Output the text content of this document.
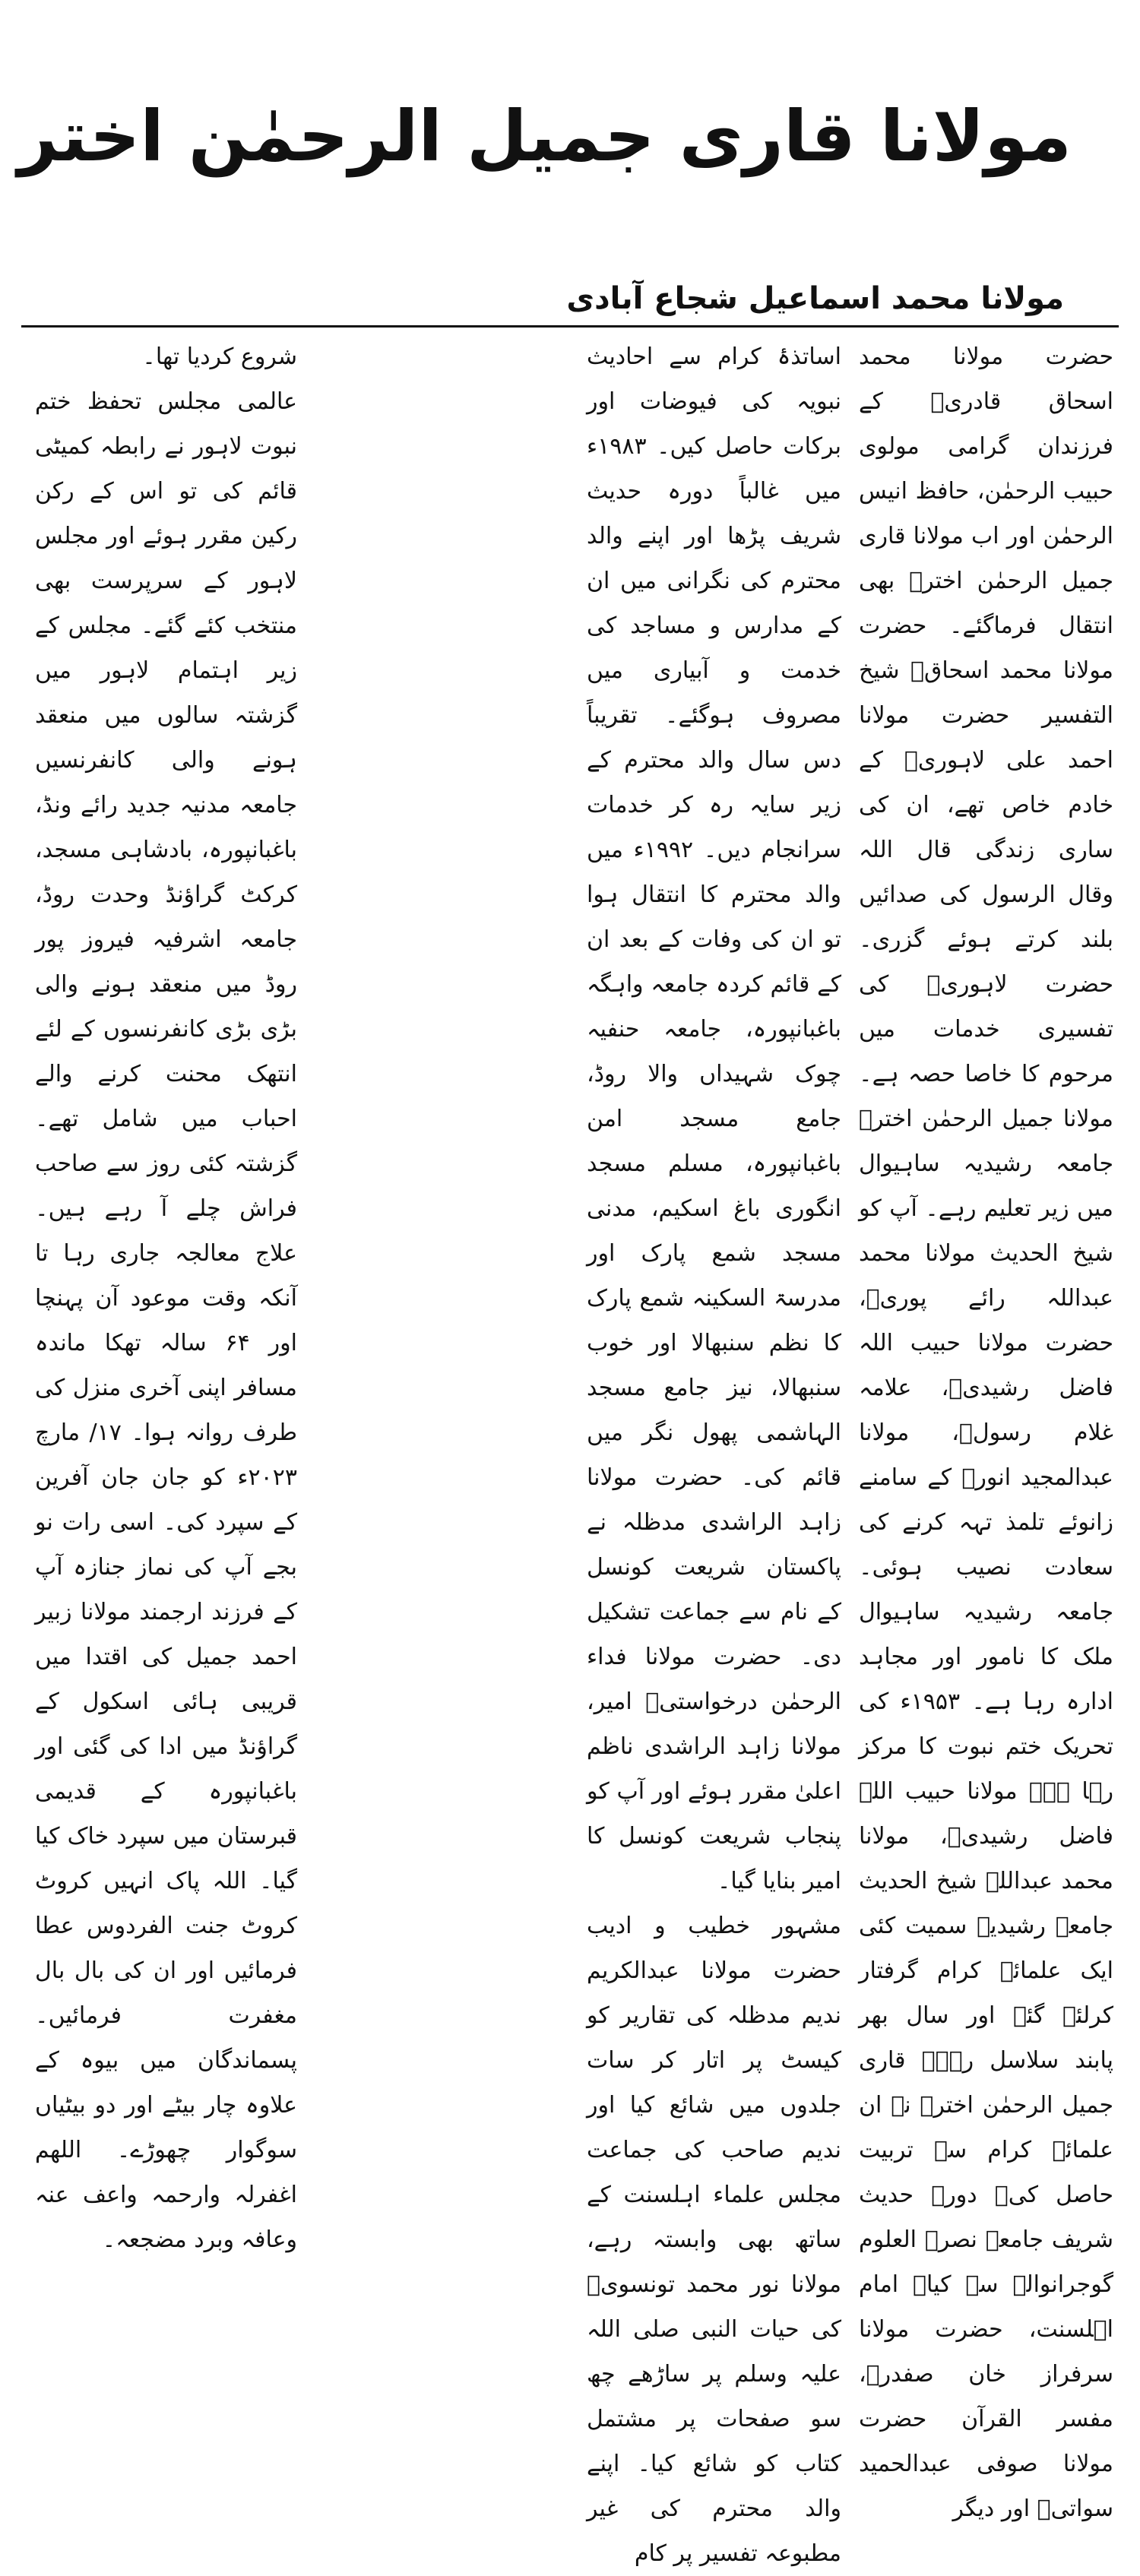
مولانا قاری جمیل الرحمٰن اختر
مولانا محمد اسماعیل شجاع آبادی

حضرت مولانا محمد اسحاق قادریؒ کے فرزندان گرامی مولوی حبیب الرحمٰن، حافظ انیس الرحمٰن اور اب مولانا قاری جمیل الرحمٰن اخترؒ بھی انتقال فرماگئے۔ حضرت مولانا محمد اسحاقؒ شیخ التفسیر حضرت مولانا احمد علی لاہوریؒ کے خادم خاص تھے، ان کی ساری زندگی قال اللہ وقال الرسول کی صدائیں بلند کرتے ہوئے گزری۔ حضرت لاہوریؒ کی تفسیری خدمات میں مرحوم کا خاصا حصہ ہے۔ مولانا جمیل الرحمٰن اخترؒ جامعہ رشیدیہ ساہیوال میں زیر تعلیم رہے۔ آپ کو شیخ الحدیث مولانا محمد عبداللہ رائے پوریؒ، حضرت مولانا حبیب اللہ فاضل رشیدیؒ، علامہ غلام رسولؒ، مولانا عبدالمجید انورؒ کے سامنے زانوئے تلمذ تہہ کرنے کی سعادت نصیب ہوئی۔ جامعہ رشیدیہ ساہیوال ملک کا نامور اور مجاہد ادارہ رہا ہے۔ ۱۹۵۳ء کی تحریک ختم نبوت کا مرکز رہا ہے۔ مولانا حبیب اللہ فاضل رشیدیؒ، مولانا محمد عبداللہ شیخ الحدیث جامعہ رشیدیہ سمیت کئی ایک علمائے کرام گرفتار کرلئے گئے اور سال بھر پابند سلاسل رہے۔ قاری جمیل الرحمٰن اخترؒ نے ان علمائے کرام سے تربیت حاصل کی۔ دورۂ حدیث شریف جامعہ نصرۃ العلوم گوجرانوالہ سے کیا۔ امام اہلسنت، حضرت مولانا سرفراز خان صفدرؒ، مفسر القرآن حضرت مولانا صوفی عبدالحمید سواتیؒ اور دیگر

اساتذۂ کرام سے احادیث نبویہ کی فیوضات اور برکات حاصل کیں۔ ۱۹۸۳ء میں غالباً دورہ حدیث شریف پڑھا اور اپنے والد محترم کی نگرانی میں ان کے مدارس و مساجد کی خدمت و آبیاری میں مصروف ہوگئے۔ تقریباً دس سال والد محترم کے زیر سایہ رہ کر خدمات سرانجام دیں۔ ۱۹۹۲ء میں والد محترم کا انتقال ہوا تو ان کی وفات کے بعد ان کے قائم کردہ جامعہ واہگہ باغبانپورہ، جامعہ حنفیہ چوک شہیداں والا روڈ، جامع مسجد امن باغبانپورہ، مسلم مسجد انگوری باغ اسکیم، مدنی مسجد شمع پارک اور مدرسۃ السکینہ شمع پارک کا نظم سنبھالا اور خوب سنبھالا، نیز جامع مسجد الہاشمی پھول نگر میں قائم کی۔ حضرت مولانا زاہد الراشدی مدظلہ نے پاکستان شریعت کونسل کے نام سے جماعت تشکیل دی۔ حضرت مولانا فداء الرحمٰن درخواستیؒ امیر، مولانا زاہد الراشدی ناظم اعلیٰ مقرر ہوئے اور آپ کو پنجاب شریعت کونسل کا امیر بنایا گیا۔

مشہور خطیب و ادیب حضرت مولانا عبدالکریم ندیم مدظلہ کی تقاریر کو کیسٹ پر اتار کر سات جلدوں میں شائع کیا اور ندیم صاحب کی جماعت مجلس علماء اہلسنت کے ساتھ بھی وابستہ رہے، مولانا نور محمد تونسویؒ کی حیات النبی صلی اللہ علیہ وسلم پر ساڑھے چھ سو صفحات پر مشتمل کتاب کو شائع کیا۔ اپنے والد محترم کی غیر مطبوعہ تفسیر پر کام

شروع کردیا تھا۔

عالمی مجلس تحفظ ختم نبوت لاہور نے رابطہ کمیٹی قائم کی تو اس کے رکن رکین مقرر ہوئے اور مجلس لاہور کے سرپرست بھی منتخب کئے گئے۔ مجلس کے زیر اہتمام لاہور میں گزشتہ سالوں میں منعقد ہونے والی کانفرنسیں جامعہ مدنیہ جدید رائے ونڈ، باغبانپورہ، بادشاہی مسجد، کرکٹ گراؤنڈ وحدت روڈ، جامعہ اشرفیہ فیروز پور روڈ میں منعقد ہونے والی بڑی بڑی کانفرنسوں کے لئے انتھک محنت کرنے والے احباب میں شامل تھے۔ گزشتہ کئی روز سے صاحب فراش چلے آ رہے ہیں۔ علاج معالجہ جاری رہا تا آنکہ وقت موعود آن پہنچا اور ۶۴ سالہ تھکا ماندہ مسافر اپنی آخری منزل کی طرف روانہ ہوا۔ ۱۷/ مارچ ۲۰۲۳ء کو جان جان آفرین کے سپرد کی۔ اسی رات نو بجے آپ کی نماز جنازہ آپ کے فرزند ارجمند مولانا زبیر احمد جمیل کی اقتدا میں قریبی ہائی اسکول کے گراؤنڈ میں ادا کی گئی اور باغبانپورہ کے قدیمی قبرستان میں سپرد خاک کیا گیا۔ اللہ پاک انہیں کروٹ کروٹ جنت الفردوس عطا فرمائیں اور ان کی بال بال مغفرت فرمائیں۔ پسماندگان میں بیوہ کے علاوہ چار بیٹے اور دو بیٹیاں سوگوار چھوڑے۔ اللھم اغفرلہ وارحمہ واعف عنہ وعافہ وبرد مضجعہ۔
